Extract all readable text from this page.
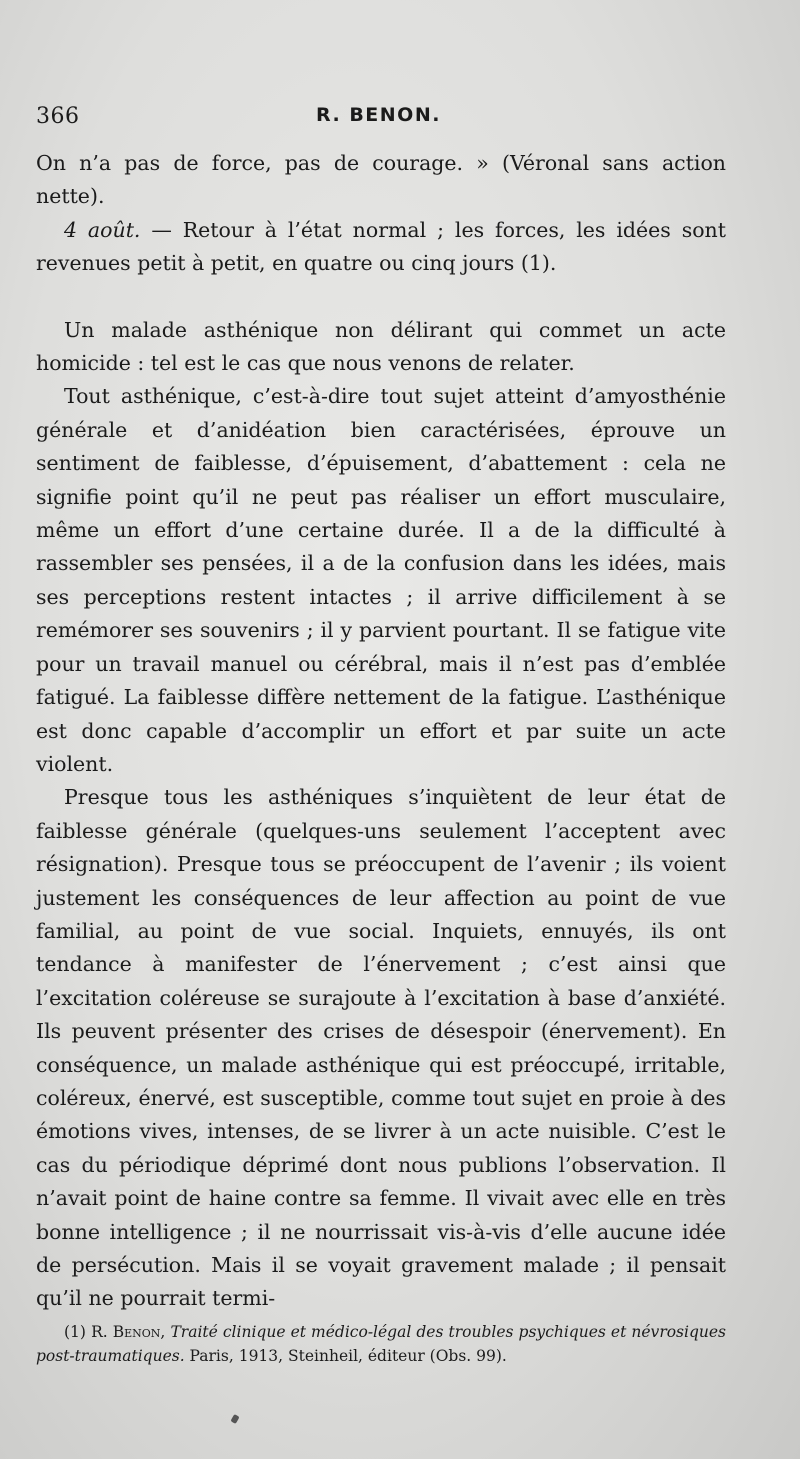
366	R. BENON.

On n’a pas de force, pas de courage. » (Véronal sans action nette).

4 août. — Retour à l’état normal ; les forces, les idées sont revenues petit à petit, en quatre ou cinq jours (1).

Un malade asthénique non délirant qui commet un acte homicide : tel est le cas que nous venons de relater.

Tout asthénique, c’est-à-dire tout sujet atteint d’amyosthénie générale et d’anidéation bien caractérisées, éprouve un sentiment de faiblesse, d’épuisement, d’abattement : cela ne signifie point qu’il ne peut pas réaliser un effort musculaire, même un effort d’une certaine durée. Il a de la difficulté à rassembler ses pensées, il a de la confusion dans les idées, mais ses perceptions restent intactes ; il arrive difficilement à se remémorer ses souvenirs ; il y parvient pourtant. Il se fatigue vite pour un travail manuel ou cérébral, mais il n’est pas d’emblée fatigué. La faiblesse diffère nettement de la fatigue. L’asthénique est donc capable d’accomplir un effort et par suite un acte violent.

Presque tous les asthéniques s’inquiètent de leur état de faiblesse générale (quelques-uns seulement l’acceptent avec résignation). Presque tous se préoccupent de l’avenir ; ils voient justement les conséquences de leur affection au point de vue familial, au point de vue social. Inquiets, ennuyés, ils ont tendance à manifester de l’énervement ; c’est ainsi que l’excitation coléreuse se surajoute à l’excitation à base d’anxiété. Ils peuvent présenter des crises de désespoir (énervement). En conséquence, un malade asthénique qui est préoccupé, irritable, coléreux, énervé, est susceptible, comme tout sujet en proie à des émotions vives, intenses, de se livrer à un acte nuisible. C’est le cas du périodique déprimé dont nous publions l’observation. Il n’avait point de haine contre sa femme. Il vivait avec elle en très bonne intelligence ; il ne nourrissait vis-à-vis d’elle aucune idée de persécution. Mais il se voyait gravement malade ; il pensait qu’il ne pourrait termi-

(1) R. Benon, Traité clinique et médico-légal des troubles psychiques et névrosiques post-traumatiques. Paris, 1913, Steinheil, éditeur (Obs. 99).
